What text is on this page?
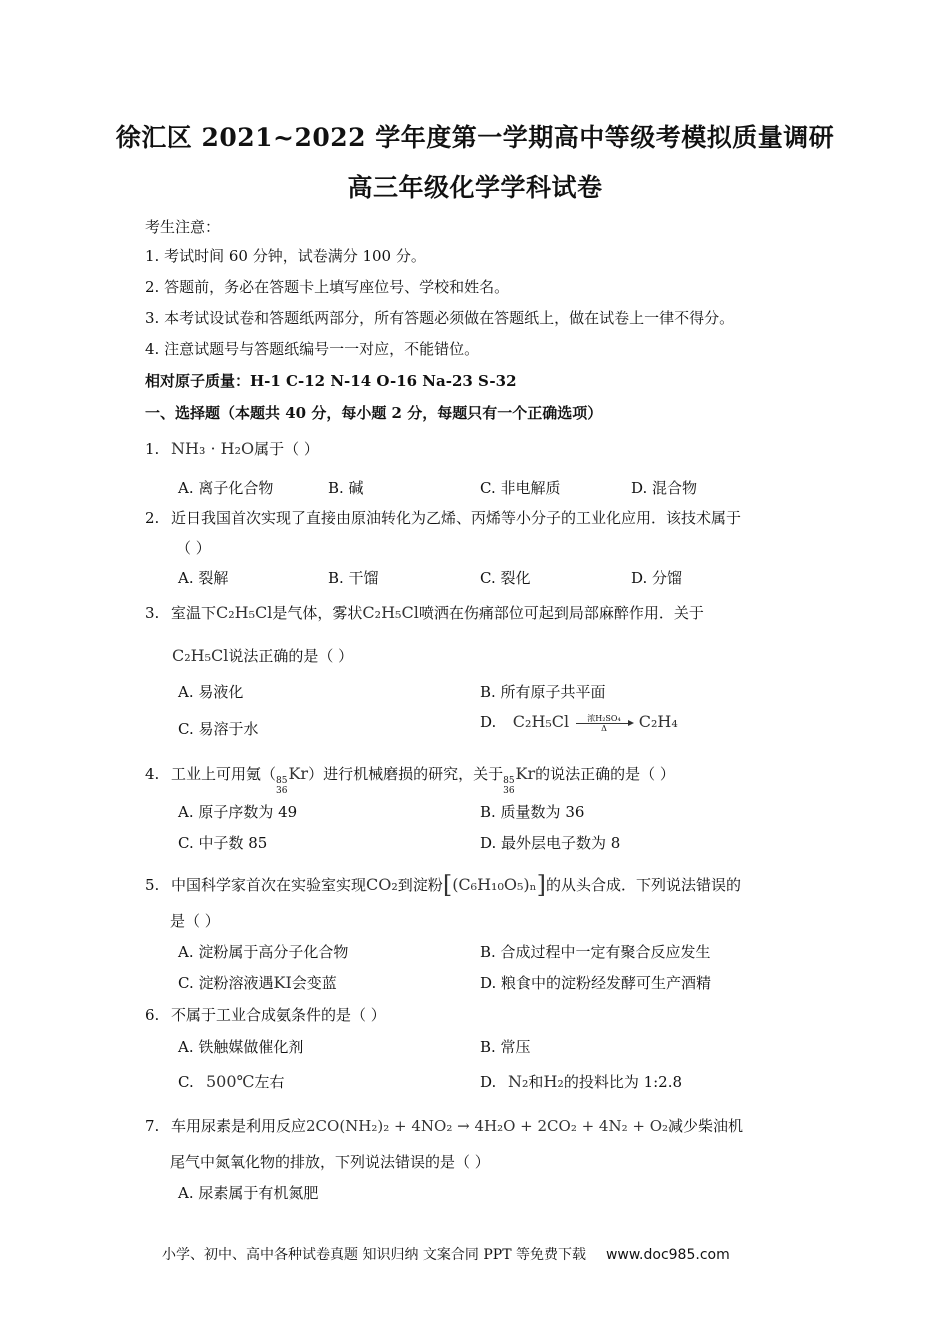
徐汇区 2021~2022 学年度第一学期高中等级考模拟质量调研
高三年级化学学科试卷
考生注意：
1. 考试时间 60 分钟，试卷满分 100 分。
2. 答题前，务必在答题卡上填写座位号、学校和姓名。
3. 本考试设试卷和答题纸两部分，所有答题必须做在答题纸上，做在试卷上一律不得分。
4. 注意试题号与答题纸编号一一对应，不能错位。
相对原子质量：H-1 C-12 N-14 O-16 Na-23 S-32
一、选择题（本题共 40 分，每小题 2 分，每题只有一个正确选项）
1. NH₃ · H₂O属于（ ）
A. 离子化合物	B. 碱	C. 非电解质	D. 混合物
2. 近日我国首次实现了直接由原油转化为乙烯、丙烯等小分子的工业化应用．该技术属于
（ ）
A. 裂解	B. 干馏	C. 裂化	D. 分馏
3. 室温下C₂H₅Cl是气体，雾状C₂H₅Cl喷洒在伤痛部位可起到局部麻醉作用．关于
C₂H₅Cl说法正确的是（ ）
A. 易液化	B. 所有原子共平面
C. 易溶于水	D. C₂H₅Cl 浓H₂SO₄
Δ C₂H₄
4. 工业上可用氪（ 85
36
Kr）进行机械磨损的研究，关于 85
36
Kr的说法正确的是（ ）
A. 原子序数为 49	B. 质量数为 36
C. 中子数 85	D. 最外层电子数为 8
5. 中国科学家首次在实验室实现CO₂到淀粉[(C₆H₁₀O₅)ₙ]的从头合成．下列说法错误的
是（ ）
A. 淀粉属于高分子化合物	B. 合成过程中一定有聚合反应发生
C. 淀粉溶液遇KI会变蓝	D. 粮食中的淀粉经发酵可生产酒精
6. 不属于工业合成氨条件的是（ ）
A. 铁触媒做催化剂	B. 常压
C. 500℃左右	D. N₂和H₂的投料比为 1:2.8
7. 车用尿素是利用反应2CO(NH₂)₂ + 4NO₂ → 4H₂O + 2CO₂ + 4N₂ + O₂减少柴油机
尾气中氮氧化物的排放，下列说法错误的是（ ）
A. 尿素属于有机氮肥
小学、初中、高中各种试卷真题 知识归纳 文案合同 PPT 等免费下载 www.doc985.com
